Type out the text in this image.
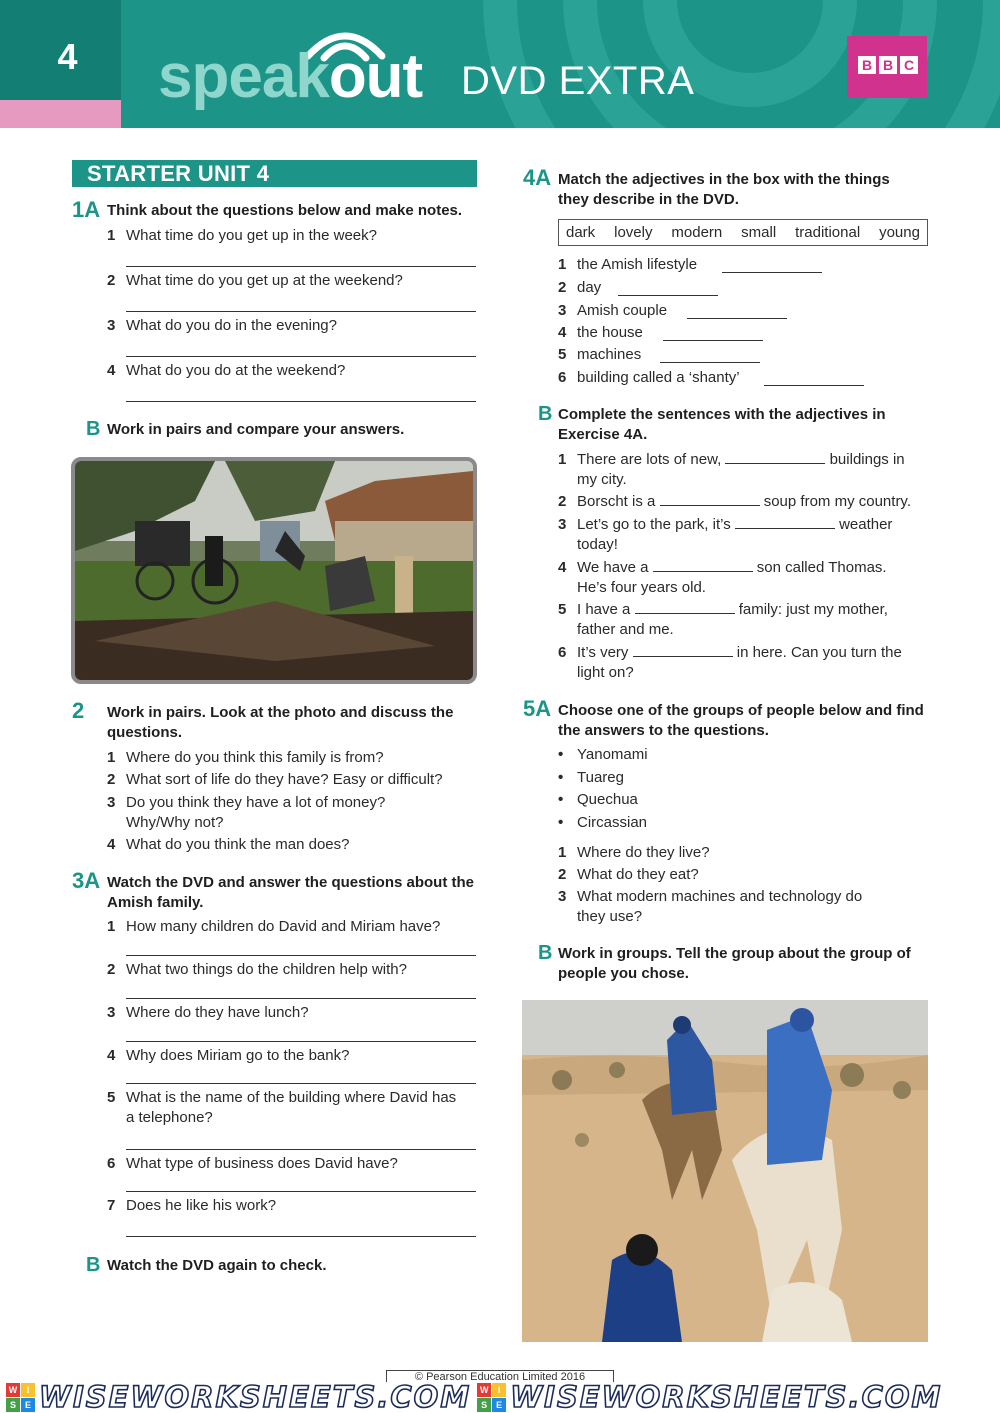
4	speakout DVD EXTRA	B B C
STARTER UNIT 4
1A Think about the questions below and make notes.
1 What time do you get up in the week?
2 What time do you get up at the weekend?
3 What do you do in the evening?
4 What do you do at the weekend?
B Work in pairs and compare your answers.
2 Work in pairs. Look at the photo and discuss the
questions.
1 Where do you think this family is from?
2 What sort of life do they have? Easy or difficult?
3 Do you think they have a lot of money?
Why/Why not?
4 What do you think the man does?
3A Watch the DVD and answer the questions about the
Amish family.
1 How many children do David and Miriam have?
2 What two things do the children help with?
3 Where do they have lunch?
4 Why does Miriam go to the bank?
5 What is the name of the building where David has
a telephone?
6 What type of business does David have?
7 Does he like his work?
B Watch the DVD again to check.
4A Match the adjectives in the box with the things
they describe in the DVD.
dark lovely modern small traditional young
1 the Amish lifestyle
2 day
3 Amish couple
4 the house
5 machines
6 building called a ‘shanty’
B Complete the sentences with the adjectives in
Exercise 4A.
1 There are lots of new,	buildings in
my city.
2 Borscht is a	soup from my country.
3 Let’s go to the park, it’s	weather
today!
4 We have a	son called Thomas.
He’s four years old.
5 I have a	family: just my mother,
father and me.
6 It’s very	in here. Can you turn the
light on?
5A Choose one of the groups of people below and find
the answers to the questions.
• Yanomami
• Tuareg
• Quechua
• Circassian
1 Where do they live?
2 What do they eat?
3 What modern machines and technology do
they use?
B Work in groups. Tell the group about the group of
people you chose.
© Pearson Education Limited 2016
W	I
S E WISEWORKSHEETS.COM W	I
S E WISEWORKSHEETS.COM
